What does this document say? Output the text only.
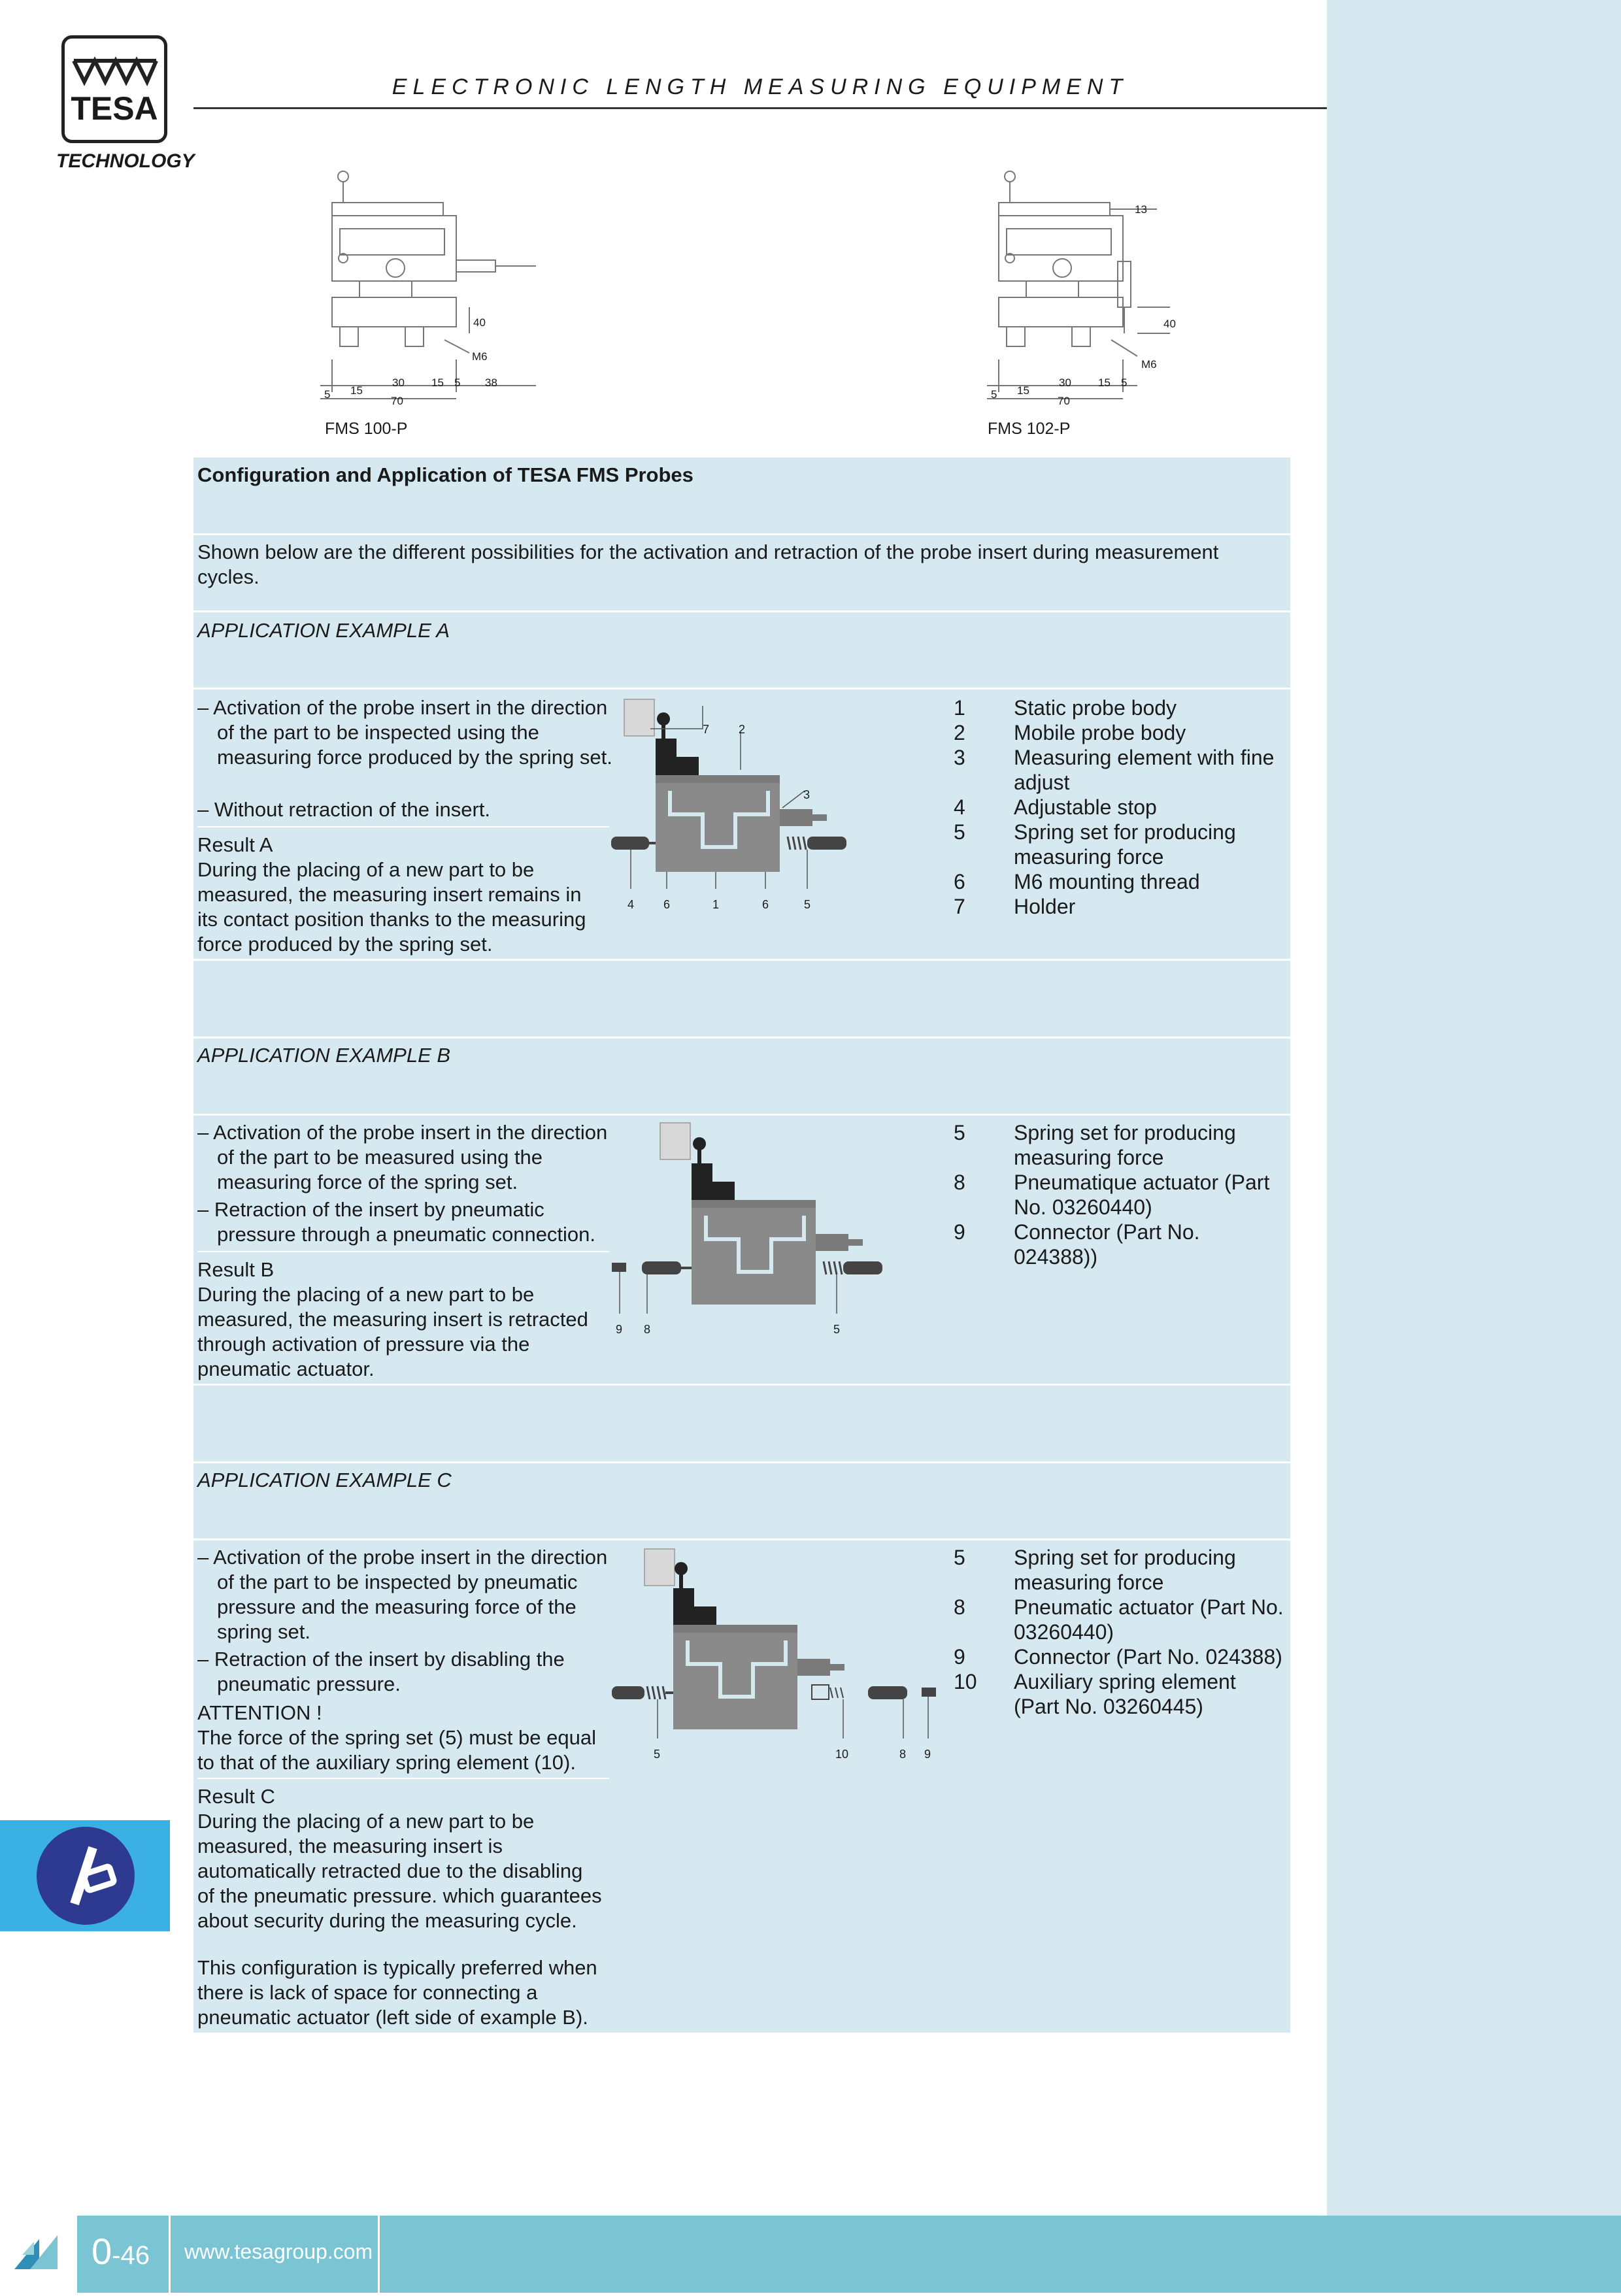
0-46	www.tesagroup.com
TESA
TECHNOLOGY
ELECTRONIC LENGTH MEASURING EQUIPMENT
5 15
30 15 5 38
70
M6
40
FMS 100-P
5 15
30 15 5
70
13
M6
40
FMS 102-P
Configuration and Application of TESA FMS Probes
Shown below are the different possibilities for the activation and retraction of the probe insert during measurement cycles.
APPLICATION EXAMPLE A
– Activation of the probe insert in the direction of the part to be inspected using the measuring force produced by the spring set.
– Without retraction of the insert.
Result A
During the placing of a new part to be measured, the measuring insert remains in its contact position thanks to the measuring force produced by the spring set.
7 2
3
4 6	1	6	5
1 Static probe body
2 Mobile probe body
3 Measuring element with fine adjust
4 Adjustable stop
5 Spring set for producing measuring force
6 M6 mounting thread
7 Holder
APPLICATION EXAMPLE B
– Activation of the probe insert in the direction of the part to be measured using the measuring force of the spring set.
– Retraction of the insert by pneumatic pressure through a pneumatic connection.
Result B
During the placing of a new part to be measured, the measuring insert is retracted through activation of pressure via the pneumatic actuator.
9 8	5
5 Spring set for producing measuring force
8 Pneumatique actuator (Part No. 03260440)
9 Connector (Part No. 024388))
APPLICATION EXAMPLE C
– Activation of the probe insert in the direction of the part to be inspected by pneumatic pressure and the measuring force of the spring set.
– Retraction of the insert by disabling the pneumatic pressure.
ATTENTION !
The force of the spring set (5) must be equal to that of the auxiliary spring element (10).
Result C
During the placing of a new part to be measured, the measuring insert is automatically retracted due to the disabling of the pneumatic pressure. which guarantees about security during the measuring cycle.
This configuration is typically preferred when there is lack of space for connecting a pneumatic actuator (left side of example B).
5	10	8 9
5 Spring set for producing measuring force
8 Pneumatic actuator (Part No. 03260440)
9 Connector (Part No. 024388)
10 Auxiliary spring element (Part No. 03260445)
